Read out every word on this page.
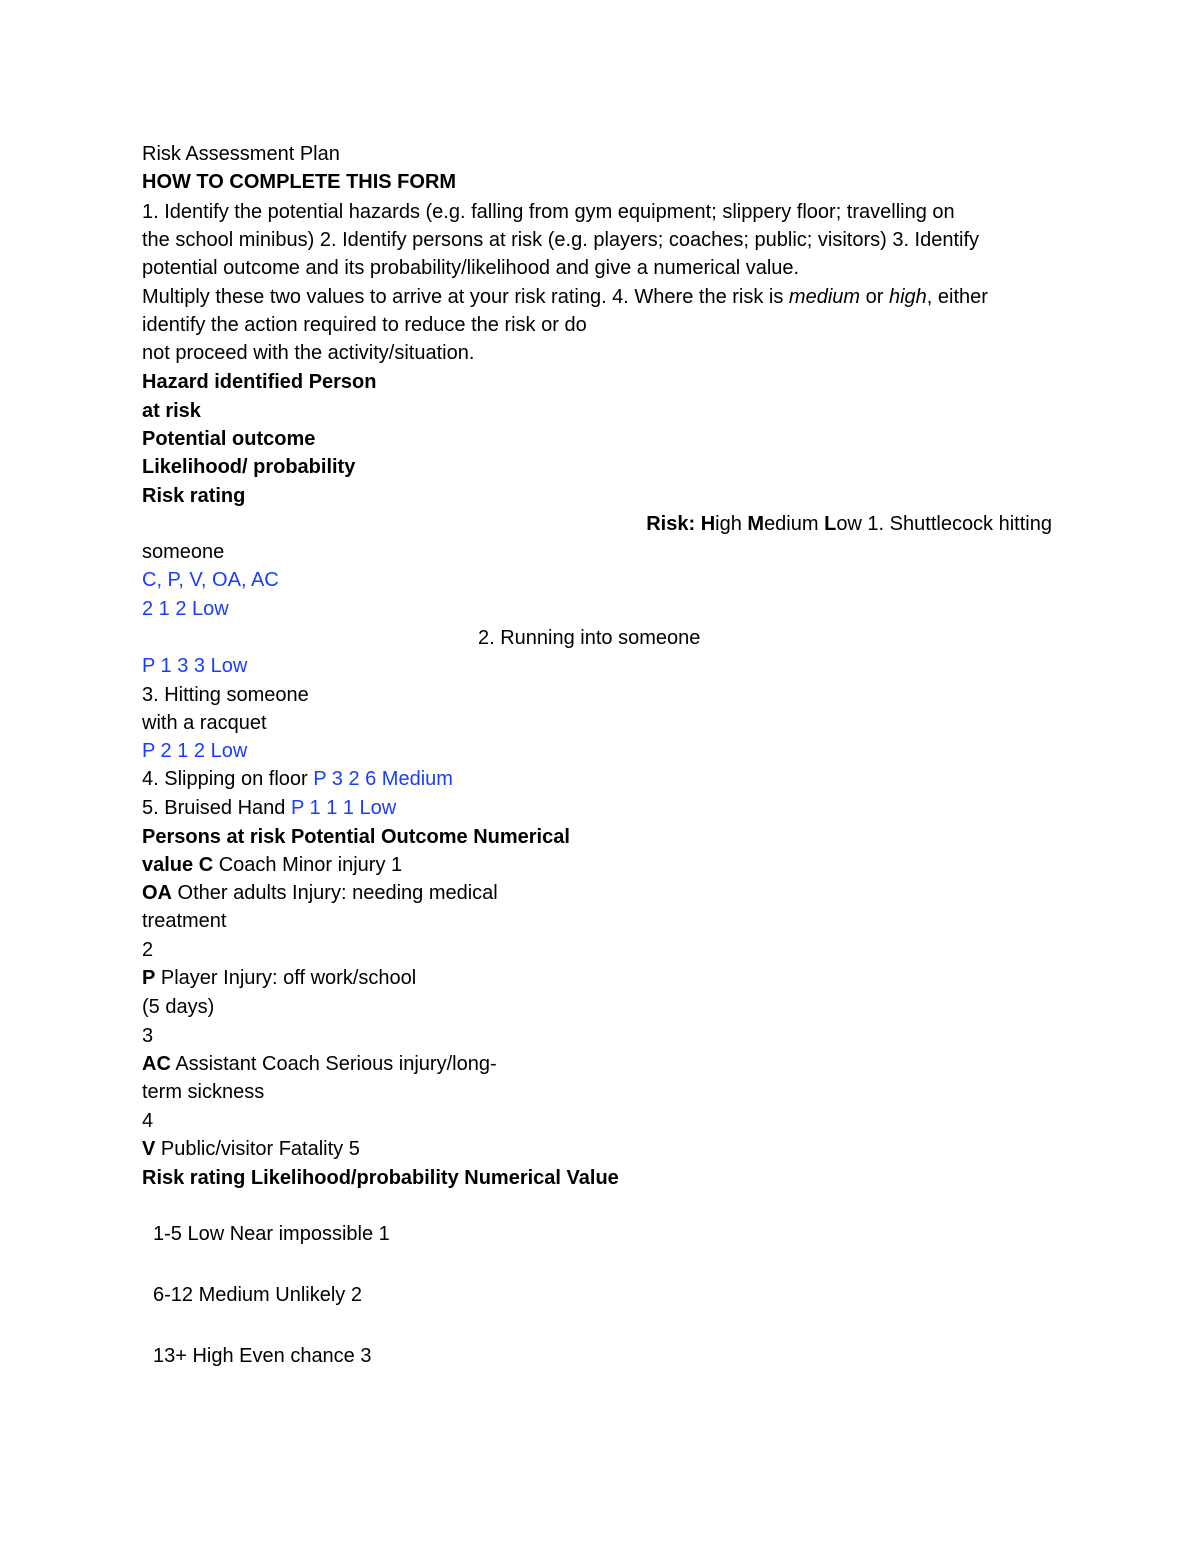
Risk Assessment Plan
HOW TO COMPLETE THIS FORM
1. Identify the potential hazards (e.g. falling from gym equipment; slippery floor; travelling on
the school minibus) 2. Identify persons at risk (e.g. players; coaches; public; visitors) 3. Identify
potential outcome and its probability/likelihood and give a numerical value.
Multiply these two values to arrive at your risk rating. 4. Where the risk is medium or high, either
identify the action required to reduce the risk or do
not proceed with the activity/situation.
Hazard identified Person
at risk
Potential outcome
Likelihood/ probability
Risk rating
Risk: High Medium Low 1. Shuttlecock hitting
someone
C, P, V, OA, AC
2 1 2 Low
2. Running into someone
P 1 3 3 Low
3. Hitting someone
with a racquet
P 2 1 2 Low
4. Slipping on floor P 3 2 6 Medium
5. Bruised Hand P 1 1 1 Low
Persons at risk Potential Outcome Numerical
value C Coach Minor injury 1
OA Other adults Injury: needing medical
treatment
2
P Player Injury: off work/school
(5 days)
3
AC Assistant Coach Serious injury/long-
term sickness
4
V Public/visitor Fatality 5
Risk rating Likelihood/probability Numerical Value
1-5 Low Near impossible 1
6-12 Medium Unlikely 2
13+ High Even chance 3
